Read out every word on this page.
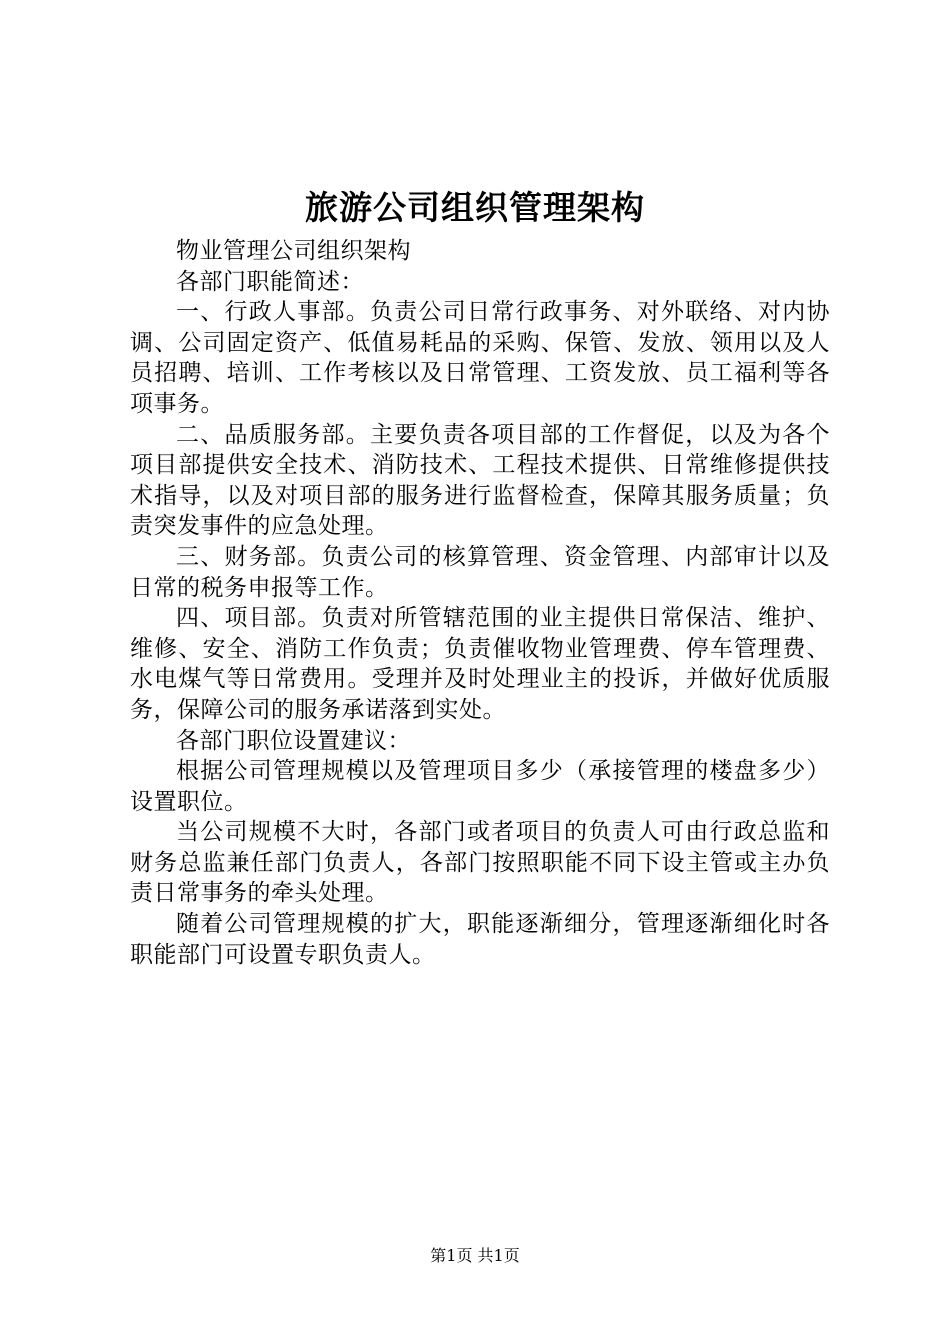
旅游公司组织管理架构

物业管理公司组织架构

各部门职能简述：

一、行政人事部。负责公司日常行政事务、对外联络、对内协调、公司固定资产、低值易耗品的采购、保管、发放、领用以及人员招聘、培训、工作考核以及日常管理、工资发放、员工福利等各项事务。

二、品质服务部。主要负责各项目部的工作督促，以及为各个项目部提供安全技术、消防技术、工程技术提供、日常维修提供技术指导，以及对项目部的服务进行监督检查，保障其服务质量；负责突发事件的应急处理。

三、财务部。负责公司的核算管理、资金管理、内部审计以及日常的税务申报等工作。

四、项目部。负责对所管辖范围的业主提供日常保洁、维护、维修、安全、消防工作负责；负责催收物业管理费、停车管理费、水电煤气等日常费用。受理并及时处理业主的投诉，并做好优质服务，保障公司的服务承诺落到实处。

各部门职位设置建议：

根据公司管理规模以及管理项目多少（承接管理的楼盘多少）设置职位。

当公司规模不大时，各部门或者项目的负责人可由行政总监和财务总监兼任部门负责人，各部门按照职能不同下设主管或主办负责日常事务的牵头处理。

随着公司管理规模的扩大，职能逐渐细分，管理逐渐细化时各职能部门可设置专职负责人。

第1页 共1页
